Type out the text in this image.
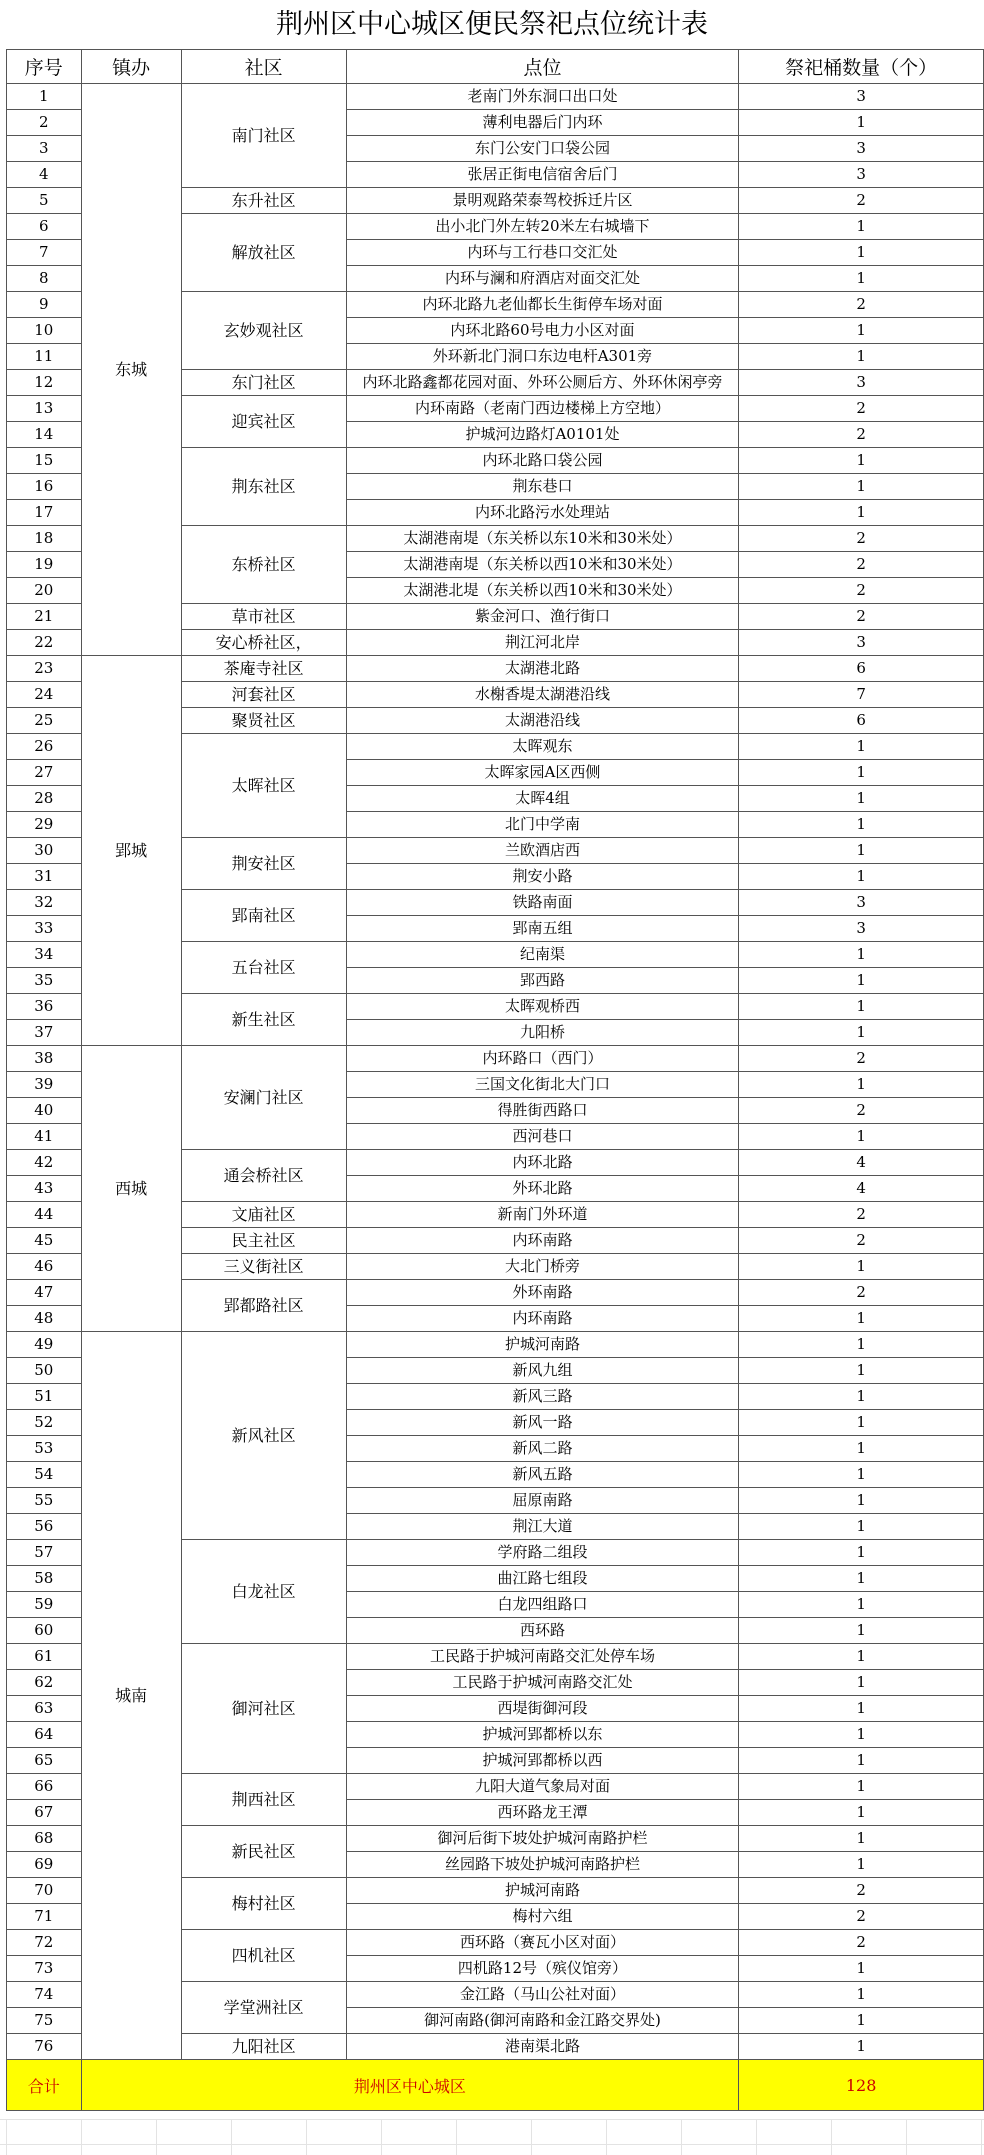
荆州区中心城区便民祭祀点位统计表
序号	镇办	社区	点位	祭祀桶数量（个）
1	东城	南门社区	老南门外东洞口出口处	3
2			薄利电器后门内环	1
3			东门公安门口袋公园	3
4			张居正街电信宿舍后门	3
5		东升社区	景明观路荣泰驾校拆迁片区	2
6		解放社区	出小北门外左转20米左右城墙下	1
7			内环与工行巷口交汇处	1
8			内环与澜和府酒店对面交汇处	1
9		玄妙观社区	内环北路九老仙都长生街停车场对面	2
10			内环北路60号电力小区对面	1
11			外环新北门洞口东边电杆A301旁	1
12		东门社区	内环北路鑫都花园对面、外环公厕后方、外环休闲亭旁	3
13		迎宾社区	内环南路（老南门西边楼梯上方空地）	2
14			护城河边路灯A0101处	2
15		荆东社区	内环北路口袋公园	1
16			荆东巷口	1
17			内环北路污水处理站	1
18		东桥社区	太湖港南堤（东关桥以东10米和30米处）	2
19			太湖港南堤（东关桥以西10米和30米处）	2
20			太湖港北堤（东关桥以西10米和30米处）	2
21		草市社区	紫金河口、渔行街口	2
22		安心桥社区，	荆江河北岸	3
23	郢城	茶庵寺社区	太湖港北路	6
24		河套社区	水榭香堤太湖港沿线	7
25		聚贤社区	太湖港沿线	6
26		太晖社区	太晖观东	1
27			太晖家园A区西侧	1
28			太晖4组	1
29			北门中学南	1
30		荆安社区	兰欧酒店西	1
31			荆安小路	1
32		郢南社区	铁路南面	3
33			郢南五组	3
34		五台社区	纪南渠	1
35			郢西路	1
36		新生社区	太晖观桥西	1
37			九阳桥	1
38	西城	安澜门社区	内环路口（西门）	2
39			三国文化街北大门口	1
40			得胜街西路口	2
41			西河巷口	1
42		通会桥社区	内环北路	4
43			外环北路	4
44		文庙社区	新南门外环道	2
45		民主社区	内环南路	2
46		三义街社区	大北门桥旁	1
47		郢都路社区	外环南路	2
48			内环南路	1
49	城南	新风社区	护城河南路	1
50			新风九组	1
51			新风三路	1
52			新风一路	1
53			新风二路	1
54			新风五路	1
55			屈原南路	1
56			荆江大道	1
57		白龙社区	学府路二组段	1
58			曲江路七组段	1
59			白龙四组路口	1
60			西环路	1
61		御河社区	工民路于护城河南路交汇处停车场	1
62			工民路于护城河南路交汇处	1
63			西堤街御河段	1
64			护城河郢都桥以东	1
65			护城河郢都桥以西	1
66		荆西社区	九阳大道气象局对面	1
67			西环路龙王潭	1
68		新民社区	御河后街下坡处护城河南路护栏	1
69			丝园路下坡处护城河南路护栏	1
70		梅村社区	护城河南路	2
71			梅村六组	2
72		四机社区	西环路（赛瓦小区对面）	2
73			四机路12号（殡仪馆旁）	1
74		学堂洲社区	金江路（马山公社对面）	1
75			御河南路(御河南路和金江路交界处)	1
76		九阳社区	港南渠北路	1
合计	荆州区中心城区			128
